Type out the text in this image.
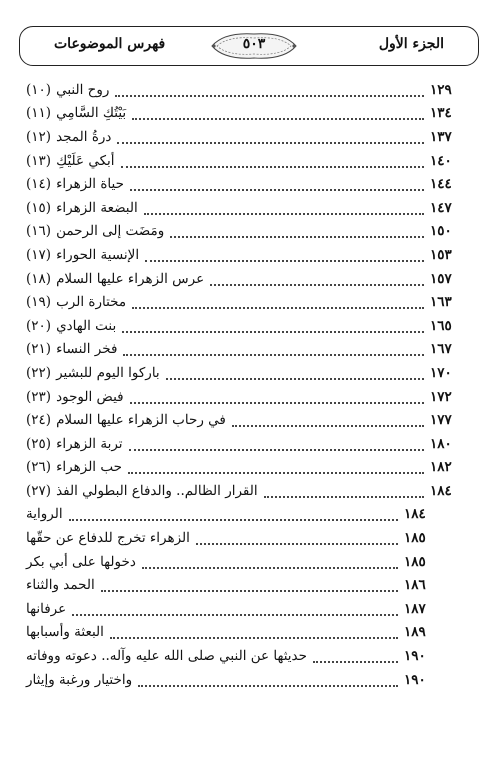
الجزء الأول
٥٠٣
فهرس الموضوعات
(١٠) روح النبي	١٢٩
(١١) بَيْتُكِ السَّامِي	١٣٤
(١٢) درةُ المجد	١٣٧
(١٣) أبكي عَلَيْكِ	١٤٠
(١٤) حياة الزهراء	١٤٤
(١٥) البضعة الزهراء	١٤٧
(١٦) ومَضَت إلى الرحمن	١٥٠
(١٧) الإنسية الحوراء	١٥٣
(١٨) عرس الزهراء عليها السلام	١٥٧
(١٩) مختارة الرب	١٦٣
(٢٠) بنت الهادي	١٦٥
(٢١) فخر النساء	١٦٧
(٢٢) باركوا اليوم للبشير	١٧٠
(٢٣) فيض الوجود	١٧٢
(٢٤) في رحاب الزهراء عليها السلام	١٧٧
(٢٥) تربة الزهراء	١٨٠
(٢٦) حب الزهراء	١٨٢
(٢٧) القرار الظالم.. والدفاع البطولي الفذ	١٨٤
الرواية	١٨٤
الزهراء تخرج للدفاع عن حقّها	١٨٥
دخولها على أبي بكر	١٨٥
الحمد والثناء	١٨٦
عرفانها	١٨٧
البعثة وأسبابها	١٨٩
حديثها عن النبي صلى الله عليه وآله.. دعوته ووفاته	١٩٠
واختيار ورغبة وإيثار	١٩٠
